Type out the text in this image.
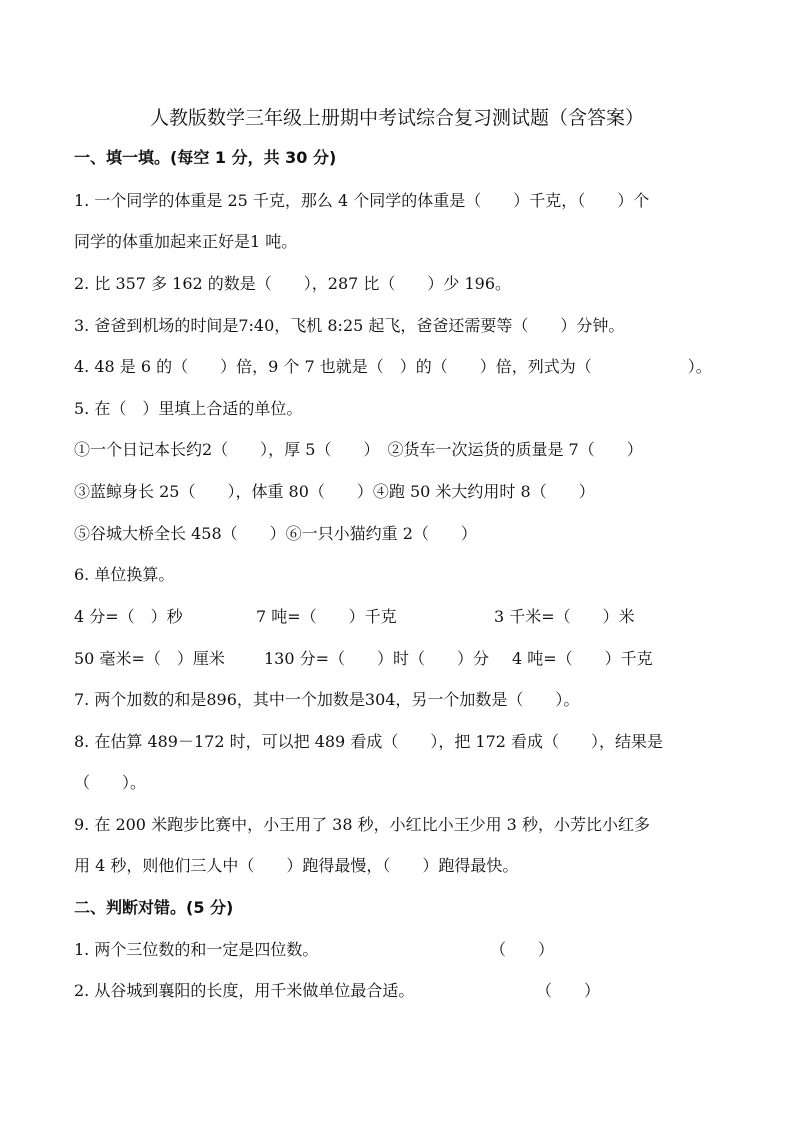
人教版数学三年级上册期中考试综合复习测试题（含答案）
一、填一填。(每空 1 分，共 30 分)
1. 一个同学的体重是 25 千克，那么 4 个同学的体重是（　　）千克，（　　）个
同学的体重加起来正好是1 吨。
2. 比 357 多 162 的数是（　　），287 比（　　）少 196。
3. 爸爸到机场的时间是7:40，飞机 8:25 起飞，爸爸还需要等（　　）分钟。
4. 48 是 6 的（　　）倍，9 个 7 也就是（　）的（　　）倍，列式为（　　　　　　）。
5. 在（　）里填上合适的单位。
①一个日记本长约2（　　），厚 5（　　）　②货车一次运货的质量是 7（　　）
③蓝鲸身长 25（　　），体重 80（　　）④跑 50 米大约用时 8（　　）
⑤谷城大桥全长 458（　　）⑥一只小猫约重 2（　　）
6. 单位换算。
4 分=（　）秒	7 吨=（　　）千克	3 千米=（　　）米
50 毫米=（　）厘米 130 分=（　　）时（　　）分 4 吨=（　　）千克
7. 两个加数的和是896，其中一个加数是304，另一个加数是（　　）。
8. 在估算 489－172 时，可以把 489 看成（　　），把 172 看成（　　），结果是
（　　）。
9. 在 200 米跑步比赛中，小王用了 38 秒，小红比小王少用 3 秒，小芳比小红多
用 4 秒，则他们三人中（　　）跑得最慢，（　　）跑得最快。
二、判断对错。(5 分)
1. 两个三位数的和一定是四位数。	（　　）
2. 从谷城到襄阳的长度，用千米做单位最合适。	（　　）
